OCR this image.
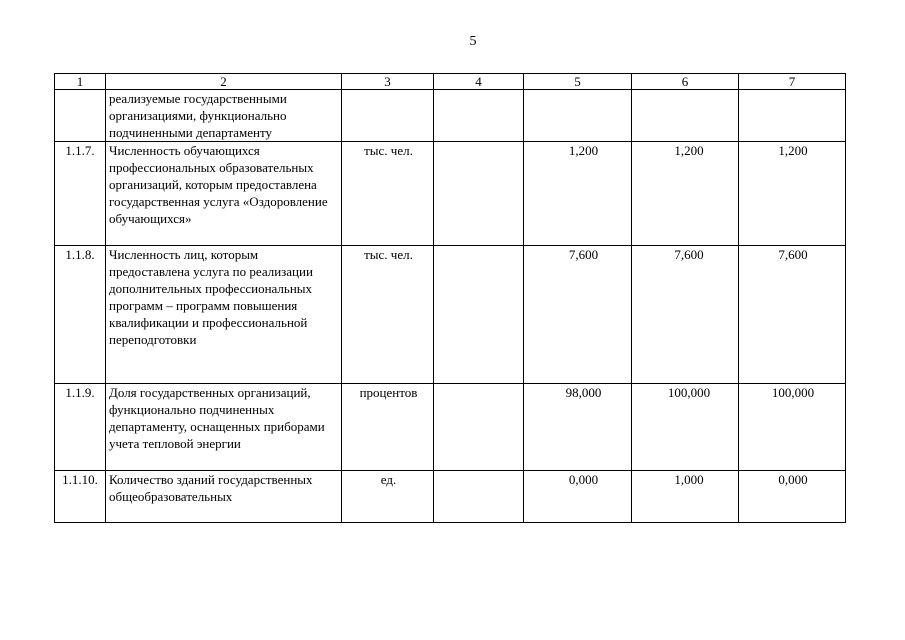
5
1	2	3	4	5	6	7
	реализуемые государственными организациями, функционально подчиненными департаменту					
1.1.7.	Численность обучающихся профессиональных образовательных организаций, которым предоставлена государственная услуга «Оздоровление обучающихся»	тыс. чел.		1,200	1,200	1,200
1.1.8.	Численность лиц, которым предоставлена услуга по реализации дополнительных профессиональных программ – программ повышения квалификации и профессиональной переподготовки	тыс. чел.		7,600	7,600	7,600
1.1.9.	Доля государственных организаций, функционально подчиненных департаменту, оснащенных приборами учета тепловой энергии	процентов		98,000	100,000	100,000
1.1.10.	Количество зданий государственных общеобразовательных	ед.		0,000	1,000	0,000
